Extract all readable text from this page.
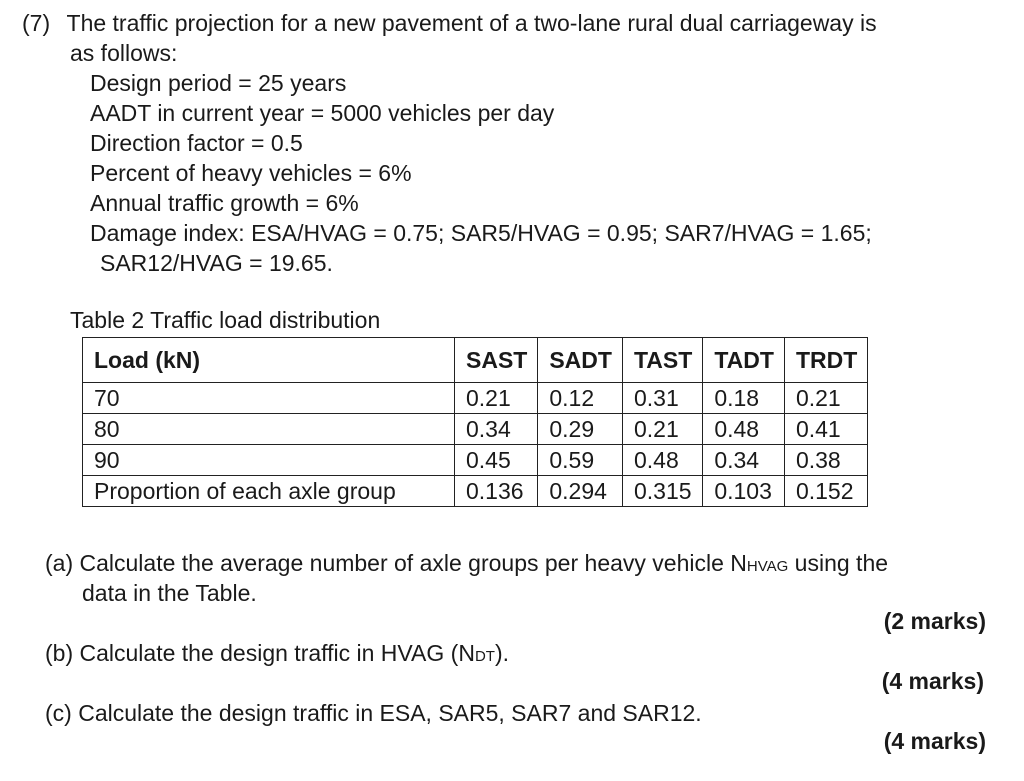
(7) The traffic projection for a new pavement of a two-lane rural dual carriageway is
as follows:
Design period = 25 years
AADT in current year = 5000 vehicles per day
Direction factor = 0.5
Percent of heavy vehicles = 6%
Annual traffic growth = 6%
Damage index: ESA/HVAG = 0.75; SAR5/HVAG = 0.95; SAR7/HVAG = 1.65;
SAR12/HVAG = 19.65.
Table 2 Traffic load distribution
Load (kN)	SAST	SADT	TAST	TADT	TRDT
70	0.21	0.12	0.31	0.18	0.21
80	0.34	0.29	0.21	0.48	0.41
90	0.45	0.59	0.48	0.34	0.38
Proportion of each axle group	0.136	0.294	0.315	0.103	0.152
(a) Calculate the average number of axle groups per heavy vehicle NHVAG using the
data in the Table.
(2 marks)
(b) Calculate the design traffic in HVAG (NDT).
(4 marks)
(c) Calculate the design traffic in ESA, SAR5, SAR7 and SAR12.
(4 marks)
